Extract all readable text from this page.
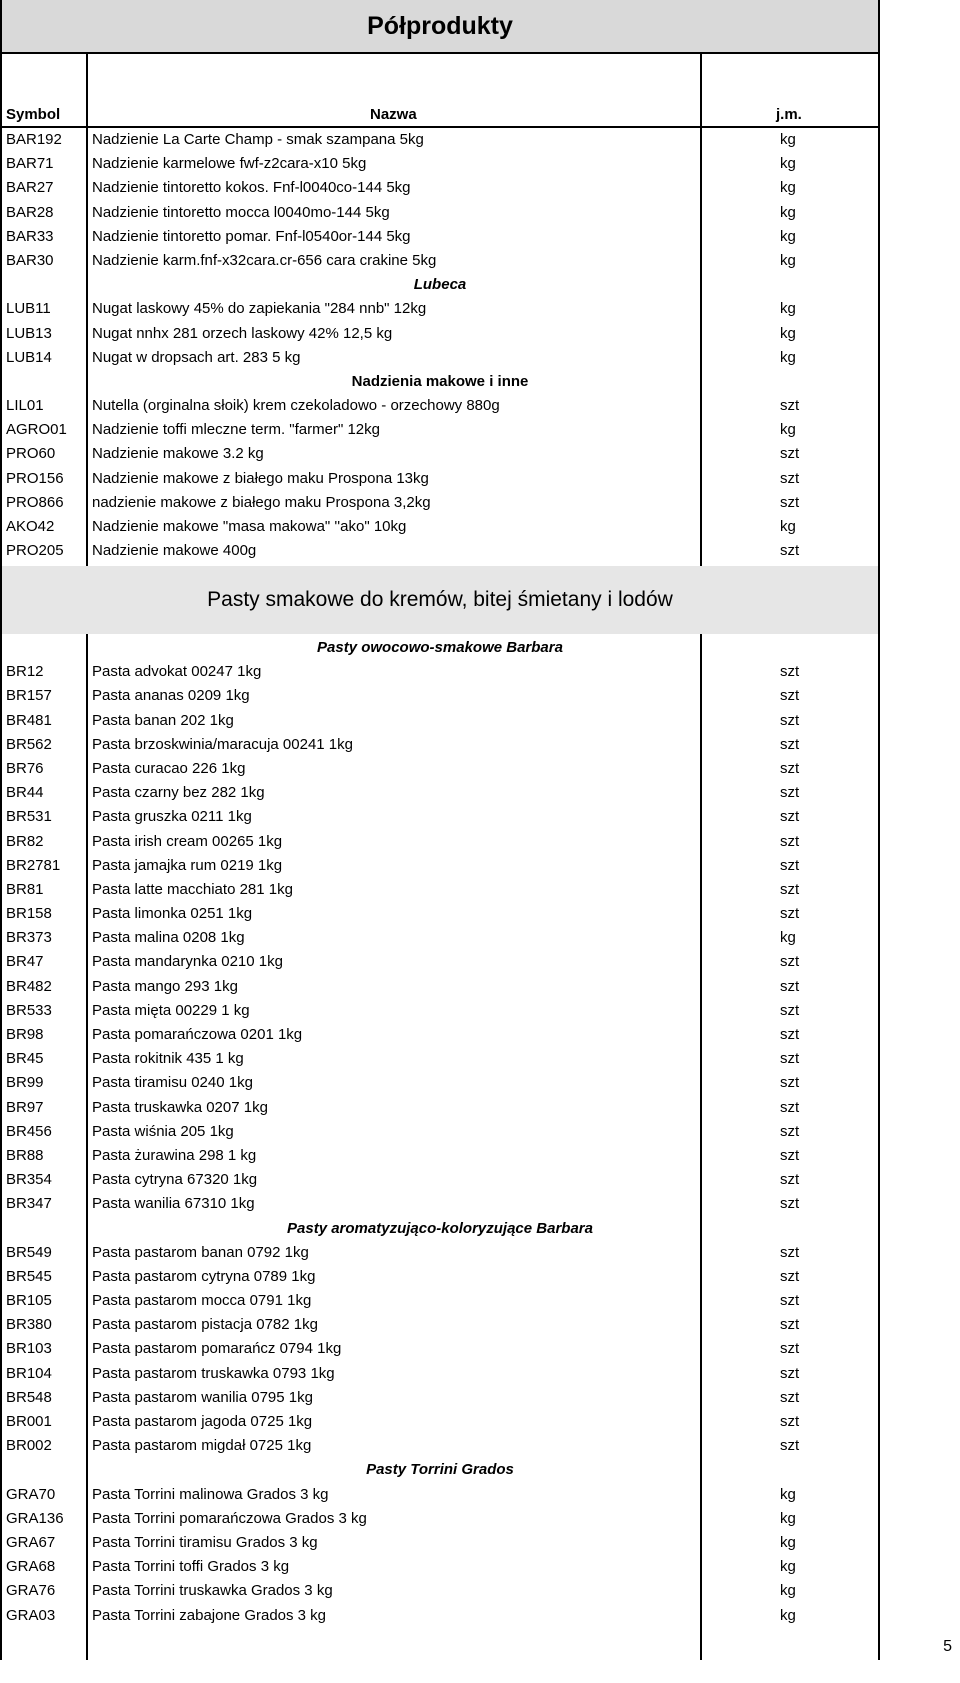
Półprodukty
Symbol	Nazwa	j.m.
BAR192 Nadzienie La Carte Champ - smak szampana 5kg	kg
BAR71	Nadzienie karmelowe fwf-z2cara-x10 5kg	kg
BAR27	Nadzienie tintoretto kokos. Fnf-l0040co-144 5kg	kg
BAR28	Nadzienie tintoretto mocca l0040mo-144 5kg	kg
BAR33	Nadzienie tintoretto pomar. Fnf-l0540or-144 5kg	kg
BAR30	Nadzienie karm.fnf-x32cara.cr-656 cara crakine 5kg	kg
Lubeca
LUB11	Nugat laskowy 45% do zapiekania "284 nnb" 12kg	kg
LUB13	Nugat nnhx 281 orzech laskowy 42% 12,5 kg	kg
LUB14	Nugat w dropsach art. 283 5 kg	kg
Nadzienia makowe i inne
LIL01	Nutella (orginalna słoik) krem czekoladowo - orzechowy 880g	szt
AGRO01 Nadzienie toffi mleczne term. "farmer" 12kg	kg
PRO60 Nadzienie makowe 3.2 kg	szt
PRO156 Nadzienie makowe z białego maku Prospona 13kg	szt
PRO866 nadzienie makowe z białego maku Prospona 3,2kg	szt
AKO42	Nadzienie makowe "masa makowa" ''ako" 10kg	kg
PRO205 Nadzienie makowe 400g	szt
Pasty smakowe do kremów, bitej śmietany i lodów
Pasty owocowo-smakowe Barbara
BR12	Pasta advokat 00247 1kg	szt
BR157	Pasta ananas 0209 1kg	szt
BR481	Pasta banan 202 1kg	szt
BR562	Pasta brzoskwinia/maracuja 00241 1kg	szt
BR76	Pasta curacao 226 1kg	szt
BR44	Pasta czarny bez 282 1kg	szt
BR531	Pasta gruszka 0211 1kg	szt
BR82	Pasta irish cream 00265 1kg	szt
BR2781 Pasta jamajka rum 0219 1kg	szt
BR81	Pasta latte macchiato 281 1kg	szt
BR158	Pasta limonka 0251 1kg	szt
BR373	Pasta malina 0208 1kg	kg
BR47	Pasta mandarynka 0210 1kg	szt
BR482	Pasta mango 293 1kg	szt
BR533	Pasta mięta 00229 1 kg	szt
BR98	Pasta pomarańczowa 0201 1kg	szt
BR45	Pasta rokitnik 435 1 kg	szt
BR99	Pasta tiramisu 0240 1kg	szt
BR97	Pasta truskawka 0207 1kg	szt
BR456	Pasta wiśnia 205 1kg	szt
BR88	Pasta żurawina 298 1 kg	szt
BR354	Pasta cytryna 67320 1kg	szt
BR347	Pasta wanilia 67310 1kg	szt
Pasty aromatyzująco-koloryzujące Barbara
BR549	Pasta pastarom banan 0792 1kg	szt
BR545	Pasta pastarom cytryna 0789 1kg	szt
BR105	Pasta pastarom mocca 0791 1kg	szt
BR380	Pasta pastarom pistacja 0782 1kg	szt
BR103	Pasta pastarom pomarańcz 0794 1kg	szt
BR104	Pasta pastarom truskawka 0793 1kg	szt
BR548	Pasta pastarom wanilia 0795 1kg	szt
BR001	Pasta pastarom jagoda 0725 1kg	szt
BR002	Pasta pastarom migdał 0725 1kg	szt
Pasty Torrini Grados
GRA70 Pasta Torrini malinowa Grados 3 kg	kg
GRA136 Pasta Torrini pomarańczowa Grados 3 kg	kg
GRA67 Pasta Torrini tiramisu Grados 3 kg	kg
GRA68 Pasta Torrini toffi Grados 3 kg	kg
GRA76 Pasta Torrini truskawka Grados 3 kg	kg
GRA03 Pasta Torrini zabajone Grados 3 kg	kg
5
